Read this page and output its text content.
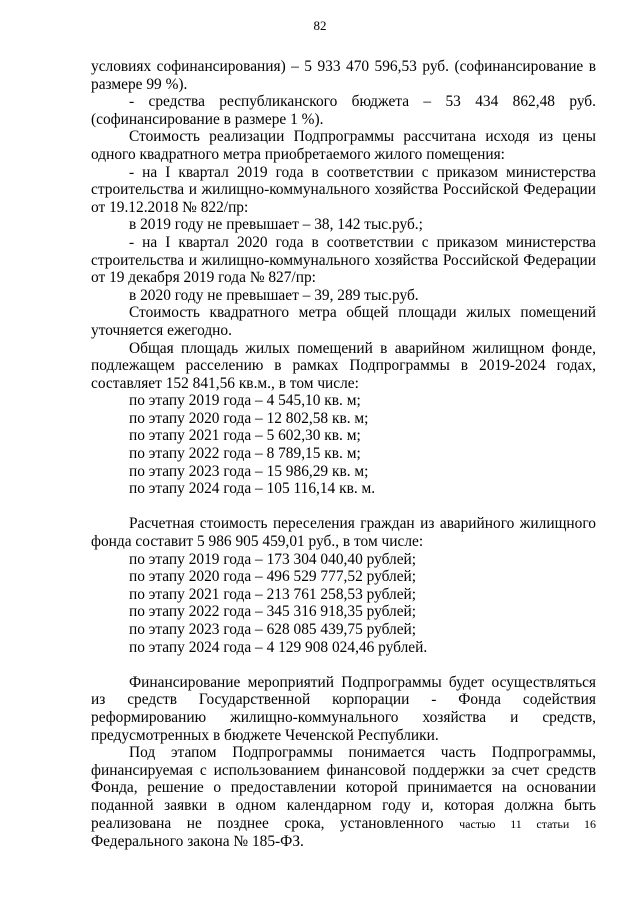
82

условиях софинансирования) – 5 933 470 596,53 руб. (софинансирование в размере 99 %).

- средства республиканского бюджета – 53 434 862,48 руб. (софинансирование в размере 1 %).

Стоимость реализации Подпрограммы рассчитана исходя из цены одного квадратного метра приобретаемого жилого помещения:

- на I квартал 2019 года в соответствии с приказом министерства строительства и жилищно-коммунального хозяйства Российской Федерации от 19.12.2018 № 822/пр:

в 2019 году не превышает – 38, 142 тыс.руб.;

- на I квартал 2020 года в соответствии с приказом министерства строительства и жилищно-коммунального хозяйства Российской Федерации от 19 декабря 2019 года № 827/пр:

в 2020 году не превышает – 39, 289 тыс.руб.

Стоимость квадратного метра общей площади жилых помещений уточняется ежегодно.

Общая площадь жилых помещений в аварийном жилищном фонде, подлежащем расселению в рамках Подпрограммы в 2019-2024 годах, составляет 152 841,56 кв.м., в том числе:

по этапу 2019 года – 4 545,10 кв. м;

по этапу 2020 года – 12 802,58 кв. м;

по этапу 2021 года – 5 602,30 кв. м;

по этапу 2022 года – 8 789,15 кв. м;

по этапу 2023 года – 15 986,29 кв. м;

по этапу 2024 года – 105 116,14 кв. м.

Расчетная стоимость переселения граждан из аварийного жилищного фонда составит 5 986 905 459,01 руб., в том числе:

по этапу 2019 года – 173 304 040,40 рублей;

по этапу 2020 года – 496 529 777,52 рублей;

по этапу 2021 года – 213 761 258,53 рублей;

по этапу 2022 года – 345 316 918,35 рублей;

по этапу 2023 года – 628 085 439,75 рублей;

по этапу 2024 года – 4 129 908 024,46 рублей.

Финансирование мероприятий Подпрограммы будет осуществляться из средств Государственной корпорации - Фонда содействия реформированию жилищно-коммунального хозяйства и средств, предусмотренных в бюджете Чеченской Республики.

Под этапом Подпрограммы понимается часть Подпрограммы, финансируемая с использованием финансовой поддержки за счет средств Фонда, решение о предоставлении которой принимается на основании поданной заявки в одном календарном году и, которая должна быть реализована не позднее срока, установленного частью 11 статьи 16 Федерального закона № 185-ФЗ.
